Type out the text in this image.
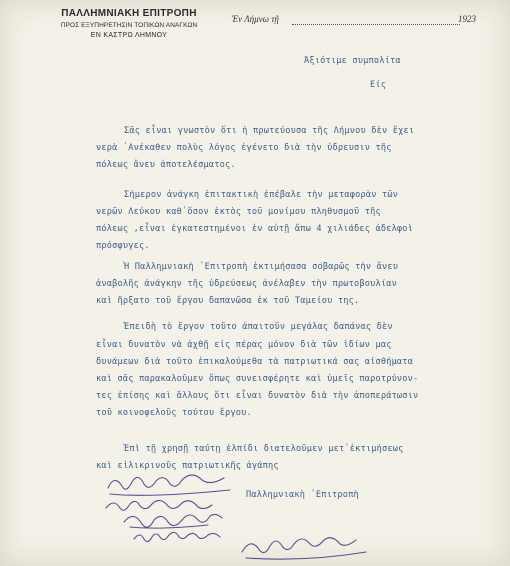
ΠΑΛΛΗΜΝΙΑΚΗ ΕΠΙΤΡΟΠΗ
ΠΡΟΣ ΕΞΥΠΗΡΕΤΗΣΙΝ ΤΟΠΙΚΩΝ ΑΝΑΓΚΩΝ
ΕΝ ΚΑΣΤΡΩ ΛΗΜΝΟΥ
Έν Λήμνω τῇ	1923
Άξιότιμε συμπολίτα
Είς
Σᾶς εἶναι γνωστὸν ὅτι ἡ πρωτεύουσα τῆς Λήμνου δὲν ἔχει
νερὰ ᾿Ανέκαθεν πολὺς λόγος ἐγένετο διὰ τὴν ὑδρευσιν τῆς
πόλεως ἄνευ ἀποτελέσματος.
Σήμερον ἀνάγκη ἐπιτακτικὴ ἐπέβαλε τὴν μεταφορὰν τῶν
νερῶν Λεύκου καθ᾿ὅσον ἐκτὸς τοῦ μονίμου πληθυσμοῦ τῆς
πόλεως ,εἶναι ἐγκατεστημένοι ἐν αὐτῇ ἄπω 4 χιλιάδες ἀδελφοὶ
πρόσφυγες.
Ἡ Παλλημνιακὴ ᾿Επιτροπὴ ἐκτιμήσασα σοβαρῶς τὴν ἄνευ
ἀναβολῆς ἀνάγκην τῆς ὑδρεύσεως ἀνέλαβεν τὴν πρωτοβουλίαν
καὶ ἤρξατο τοῦ ἔργου δαπανῶσα ἐκ τοῦ Ταμείου της.
Ἐπειδὴ τὸ ἔργον τοῦτο ἀπαιτοῦν μεγάλας δαπάνας δὲν
εἶναι δυνατὸν νὰ ἀχθῇ εἰς πέρας μόνον διὰ τῶν ἰδίων μας
δυνάμεων διὰ τοῦτο ἐπικαλούμεθα τὰ πατριωτικά σας αἰσθήματα
καὶ σᾶς παρακαλοῦμεν ὅπως συνεισφέρητε καὶ ὑμεῖς παροτρύνον-
τες ἐπίσης καὶ ἄλλους ὅτι εἶναι δυνατὸν διὰ τὴν ἀποπεράτωσιν
τοῦ κοινοφελοῦς τούτου ἔργου.
Ἐπὶ τῇ χρησῇ ταύτῃ ἐλπίδι διατελοῦμεν μετ᾿ἐκτιμήσεως
καὶ εἰλικρινοῦς πατριωτικῆς ἀγάπης
Παλλημνιακὴ ᾿Επιτροπὴ
